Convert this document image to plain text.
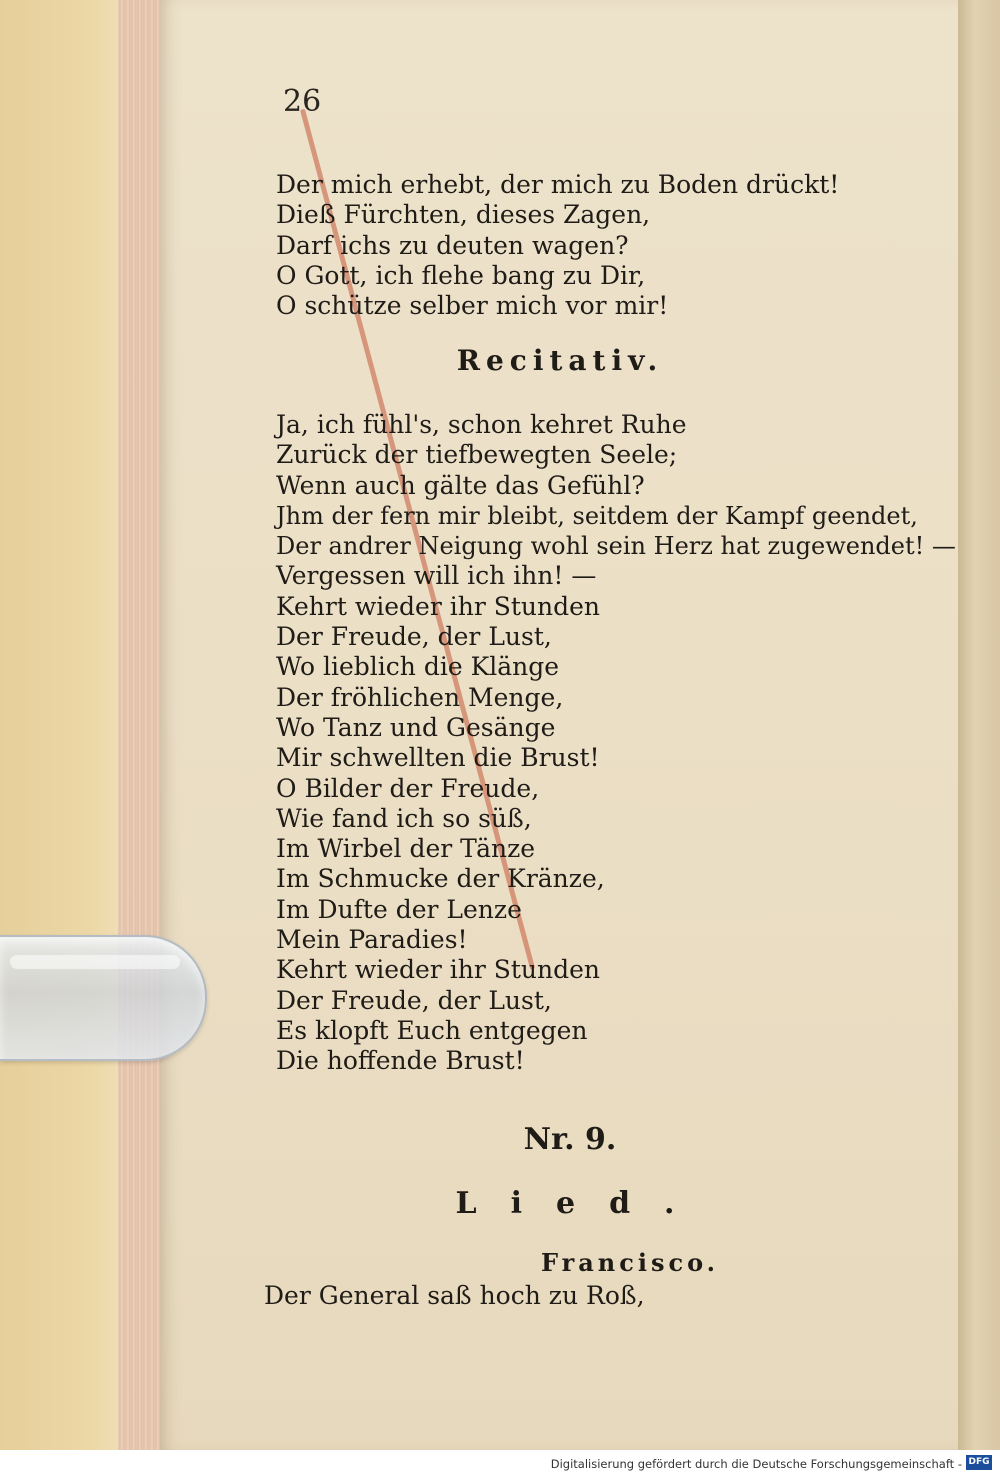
26
Der mich erhebt, der mich zu Boden drückt!
Dieß Fürchten, dieses Zagen,
Darf ichs zu deuten wagen?
O Gott, ich flehe bang zu Dir,
O schütze selber mich vor mir!
Recitativ.
Ja, ich fühl's, schon kehret Ruhe
Zurück der tiefbewegten Seele;
Wenn auch gälte das Gefühl?
Jhm der fern mir bleibt, seitdem der Kampf geendet,
Der andrer Neigung wohl sein Herz hat zugewendet! —
Vergessen will ich ihn! —
Kehrt wieder ihr Stunden
Der Freude, der Lust,
Wo lieblich die Klänge
Der fröhlichen Menge,
Wo Tanz und Gesänge
Mir schwellten die Brust!
O Bilder der Freude,
Wie fand ich so süß,
Im Wirbel der Tänze
Im Schmucke der Kränze,
Im Dufte der Lenze
Mein Paradies!
Kehrt wieder ihr Stunden
Der Freude, der Lust,
Es klopft Euch entgegen
Die hoffende Brust!
Nr. 9.
Lied.
Francisco.
Der General saß hoch zu Roß,
Digitalisierung gefördert durch die Deutsche Forschungsgemeinschaft - DFG
